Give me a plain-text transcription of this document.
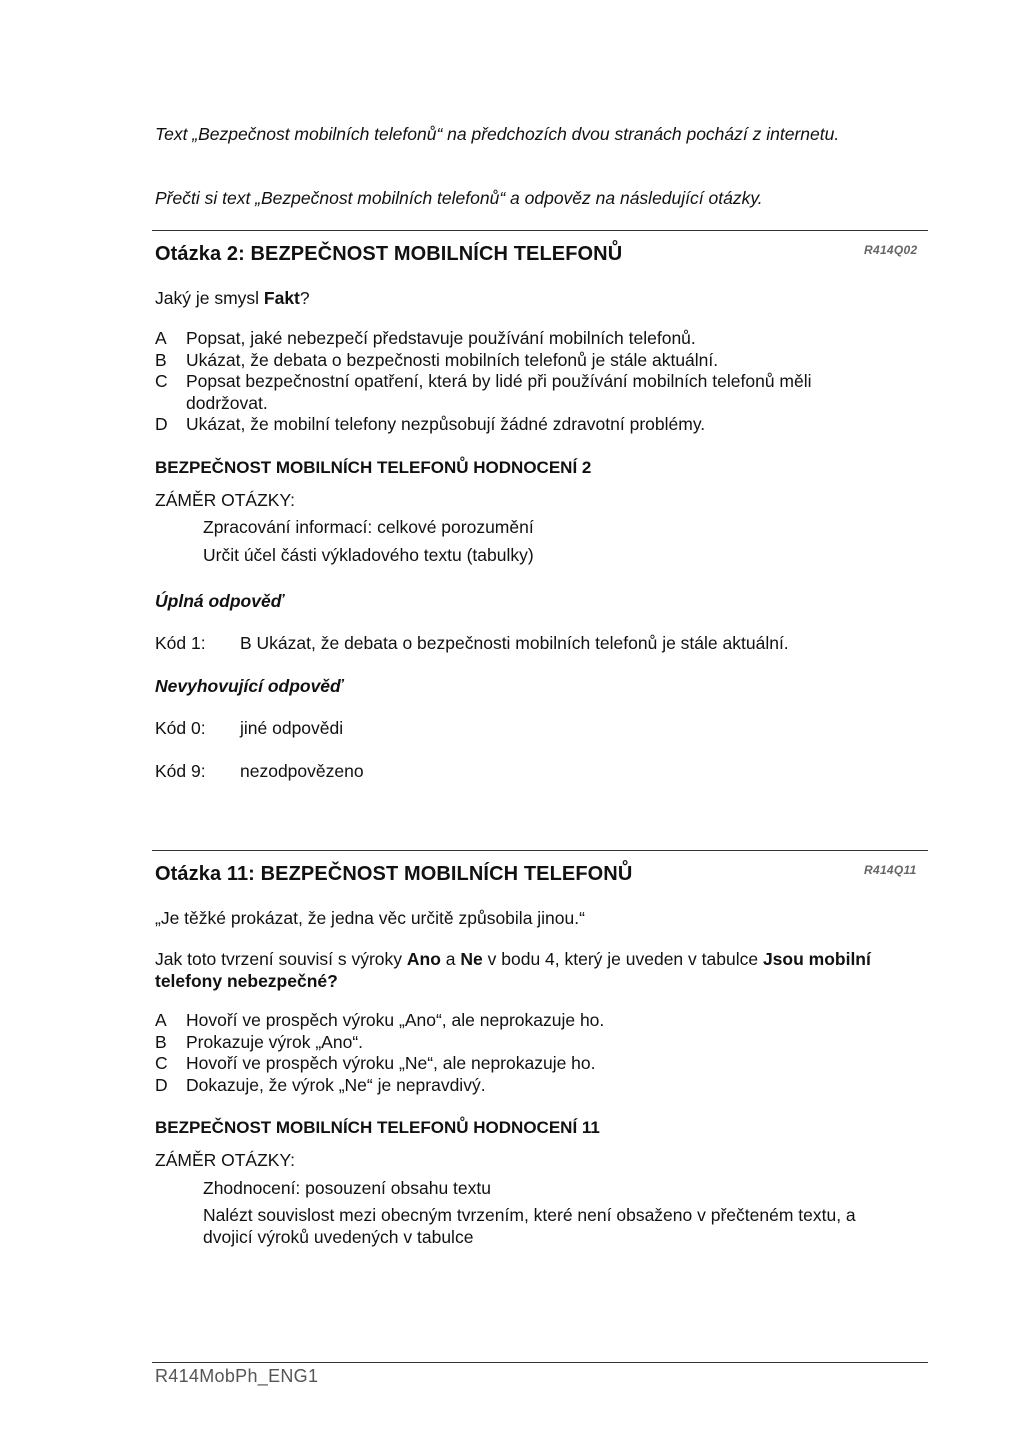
Text „Bezpečnost mobilních telefonů“ na předchozích dvou stranách pochází z internetu.
Přečti si text „Bezpečnost mobilních telefonů“ a odpověz na následující otázky.
Otázka 2: BEZPEČNOST MOBILNÍCH TELEFONŮ	R414Q02
Jaký je smysl Fakt?
A	Popsat, jaké nebezpečí představuje používání mobilních telefonů.
B	Ukázat, že debata o bezpečnosti mobilních telefonů je stále aktuální.
C	Popsat bezpečnostní opatření, která by lidé při používání mobilních telefonů měli dodržovat.
D	Ukázat, že mobilní telefony nezpůsobují žádné zdravotní problémy.
BEZPEČNOST MOBILNÍCH TELEFONŮ HODNOCENÍ 2
ZÁMĚR OTÁZKY:
Zpracování informací: celkové porozumění
Určit účel části výkladového textu (tabulky)
Úplná odpověď
Kód 1:	B Ukázat, že debata o bezpečnosti mobilních telefonů je stále aktuální.
Nevyhovující odpověď
Kód 0:	jiné odpovědi
Kód 9:	nezodpovězeno
Otázka 11: BEZPEČNOST MOBILNÍCH TELEFONŮ	R414Q11
„Je těžké prokázat, že jedna věc určitě způsobila jinou.“
Jak toto tvrzení souvisí s výroky Ano a Ne v bodu 4, který je uveden v tabulce Jsou mobilní telefony nebezpečné?
A	Hovoří ve prospěch výroku „Ano“, ale neprokazuje ho.
B	Prokazuje výrok „Ano“.
C	Hovoří ve prospěch výroku „Ne“, ale neprokazuje ho.
D	Dokazuje, že výrok „Ne“ je nepravdivý.
BEZPEČNOST MOBILNÍCH TELEFONŮ HODNOCENÍ 11
ZÁMĚR OTÁZKY:
Zhodnocení: posouzení obsahu textu
Nalézt souvislost mezi obecným tvrzením, které není obsaženo v přečteném textu, a dvojicí výroků uvedených v tabulce
R414MobPh_ENG1
